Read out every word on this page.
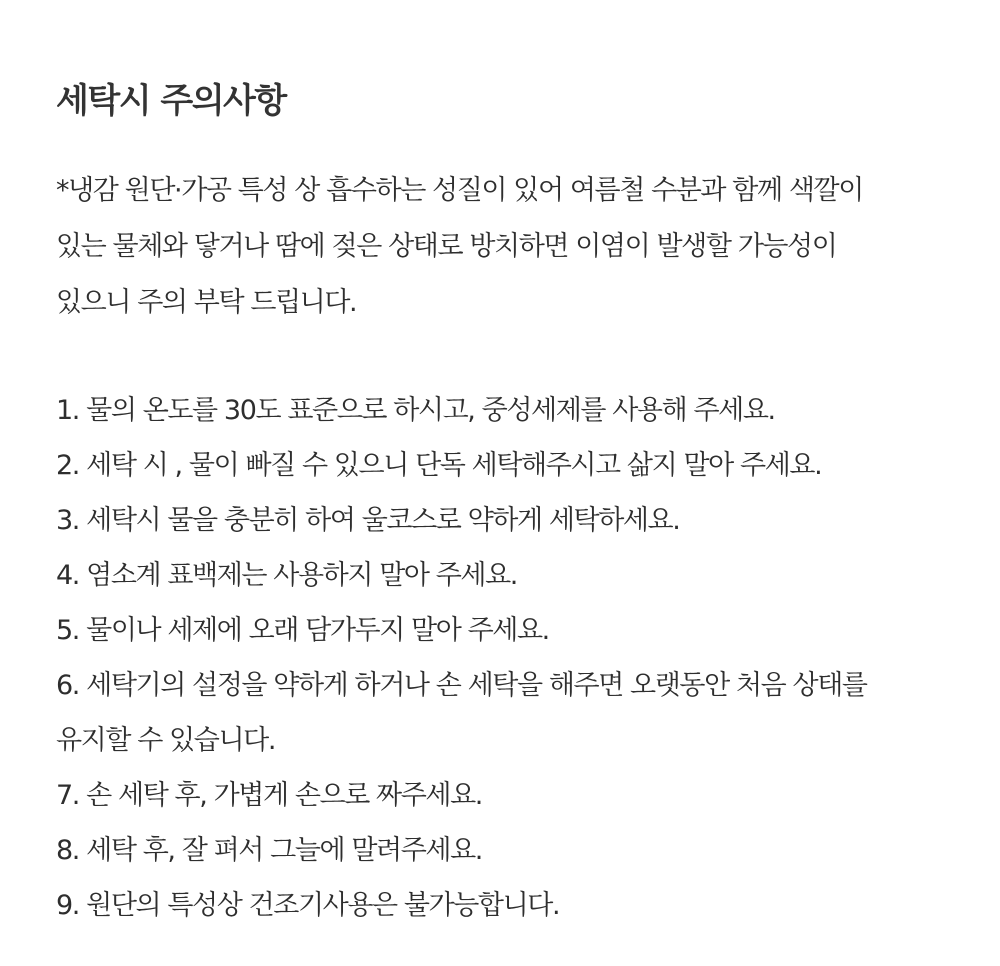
세탁시 주의사항
*냉감 원단·가공 특성 상 흡수하는 성질이 있어 여름철 수분과 함께 색깔이
있는 물체와 닿거나 땀에 젖은 상태로 방치하면 이염이 발생할 가능성이
있으니 주의 부탁 드립니다.
1. 물의 온도를 30도 표준으로 하시고, 중성세제를 사용해 주세요.
2. 세탁 시 , 물이 빠질 수 있으니 단독 세탁해주시고 삶지 말아 주세요.
3. 세탁시 물을 충분히 하여 울코스로 약하게 세탁하세요.
4. 염소계 표백제는 사용하지 말아 주세요.
5. 물이나 세제에 오래 담가두지 말아 주세요.
6. 세탁기의 설정을 약하게 하거나 손 세탁을 해주면 오랫동안 처음 상태를
유지할 수 있습니다.
7. 손 세탁 후, 가볍게 손으로 짜주세요.
8. 세탁 후, 잘 펴서 그늘에 말려주세요.
9. 원단의 특성상 건조기사용은 불가능합니다.
